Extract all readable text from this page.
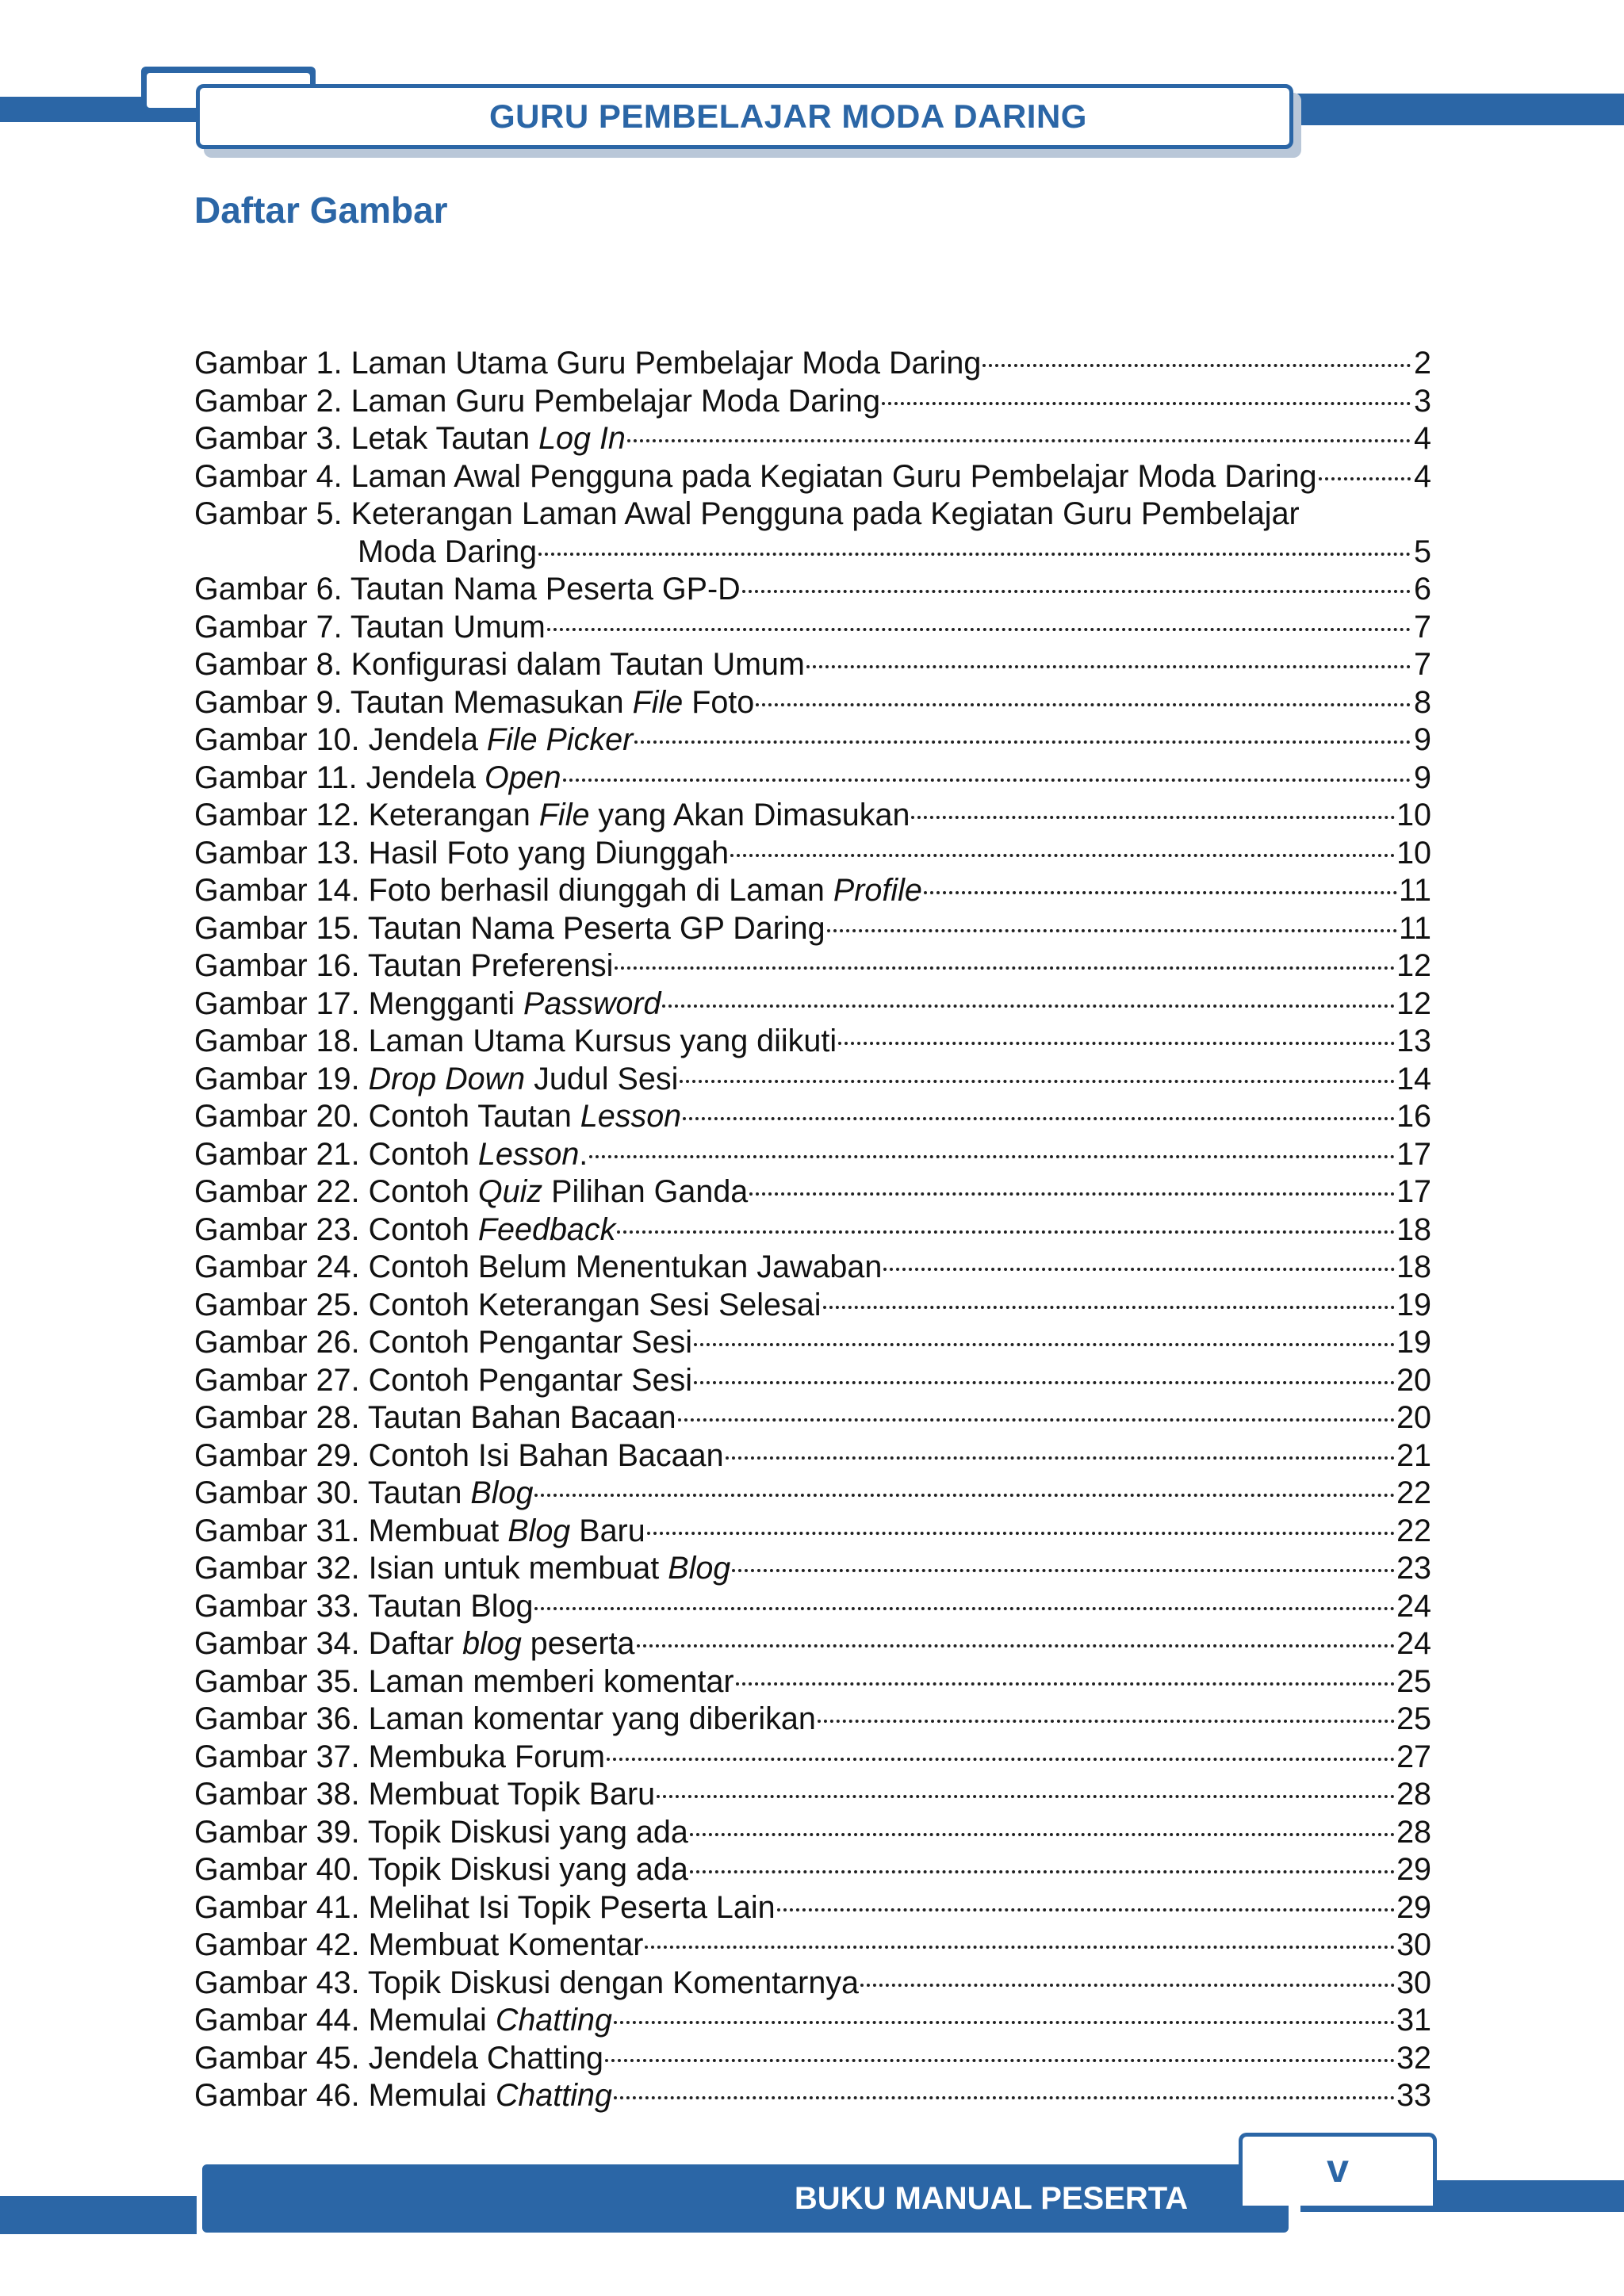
GURU PEMBELAJAR MODA DARING
Daftar Gambar
Gambar 1. Laman Utama Guru Pembelajar Moda Daring	2
Gambar 2. Laman Guru Pembelajar Moda Daring	3
Gambar 3. Letak Tautan Log In	4
Gambar 4. Laman Awal Pengguna pada Kegiatan Guru Pembelajar Moda Daring	4
Gambar 5. Keterangan Laman Awal Pengguna pada Kegiatan Guru Pembelajar
Moda Daring	5
Gambar 6. Tautan Nama Peserta GP-D	6
Gambar 7. Tautan Umum	7
Gambar 8. Konfigurasi dalam Tautan Umum	7
Gambar 9. Tautan Memasukan File Foto	8
Gambar 10. Jendela File Picker	9
Gambar 11. Jendela Open	9
Gambar 12. Keterangan File yang Akan Dimasukan	10
Gambar 13. Hasil Foto yang Diunggah	10
Gambar 14. Foto berhasil diunggah di Laman Profile	11
Gambar 15. Tautan Nama Peserta GP Daring	11
Gambar 16. Tautan Preferensi	12
Gambar 17. Mengganti Password	12
Gambar 18. Laman Utama Kursus yang diikuti	13
Gambar 19. Drop Down Judul Sesi	14
Gambar 20. Contoh Tautan Lesson	16
Gambar 21. Contoh Lesson.	17
Gambar 22. Contoh Quiz Pilihan Ganda	17
Gambar 23. Contoh Feedback	18
Gambar 24. Contoh Belum Menentukan Jawaban	18
Gambar 25. Contoh Keterangan Sesi Selesai	19
Gambar 26. Contoh Pengantar Sesi	19
Gambar 27. Contoh Pengantar Sesi	20
Gambar 28. Tautan Bahan Bacaan	20
Gambar 29. Contoh Isi Bahan Bacaan	21
Gambar 30. Tautan Blog	22
Gambar 31. Membuat Blog Baru	22
Gambar 32. Isian untuk membuat Blog	23
Gambar 33. Tautan Blog	24
Gambar 34. Daftar blog peserta	24
Gambar 35. Laman memberi komentar	25
Gambar 36. Laman komentar yang diberikan	25
Gambar 37. Membuka Forum	27
Gambar 38. Membuat Topik Baru	28
Gambar 39. Topik Diskusi yang ada	28
Gambar 40. Topik Diskusi yang ada	29
Gambar 41. Melihat Isi Topik Peserta Lain	29
Gambar 42. Membuat Komentar	30
Gambar 43. Topik Diskusi dengan Komentarnya	30
Gambar 44. Memulai Chatting	31
Gambar 45. Jendela Chatting	32
Gambar 46. Memulai Chatting	33
BUKU MANUAL PESERTA
v
